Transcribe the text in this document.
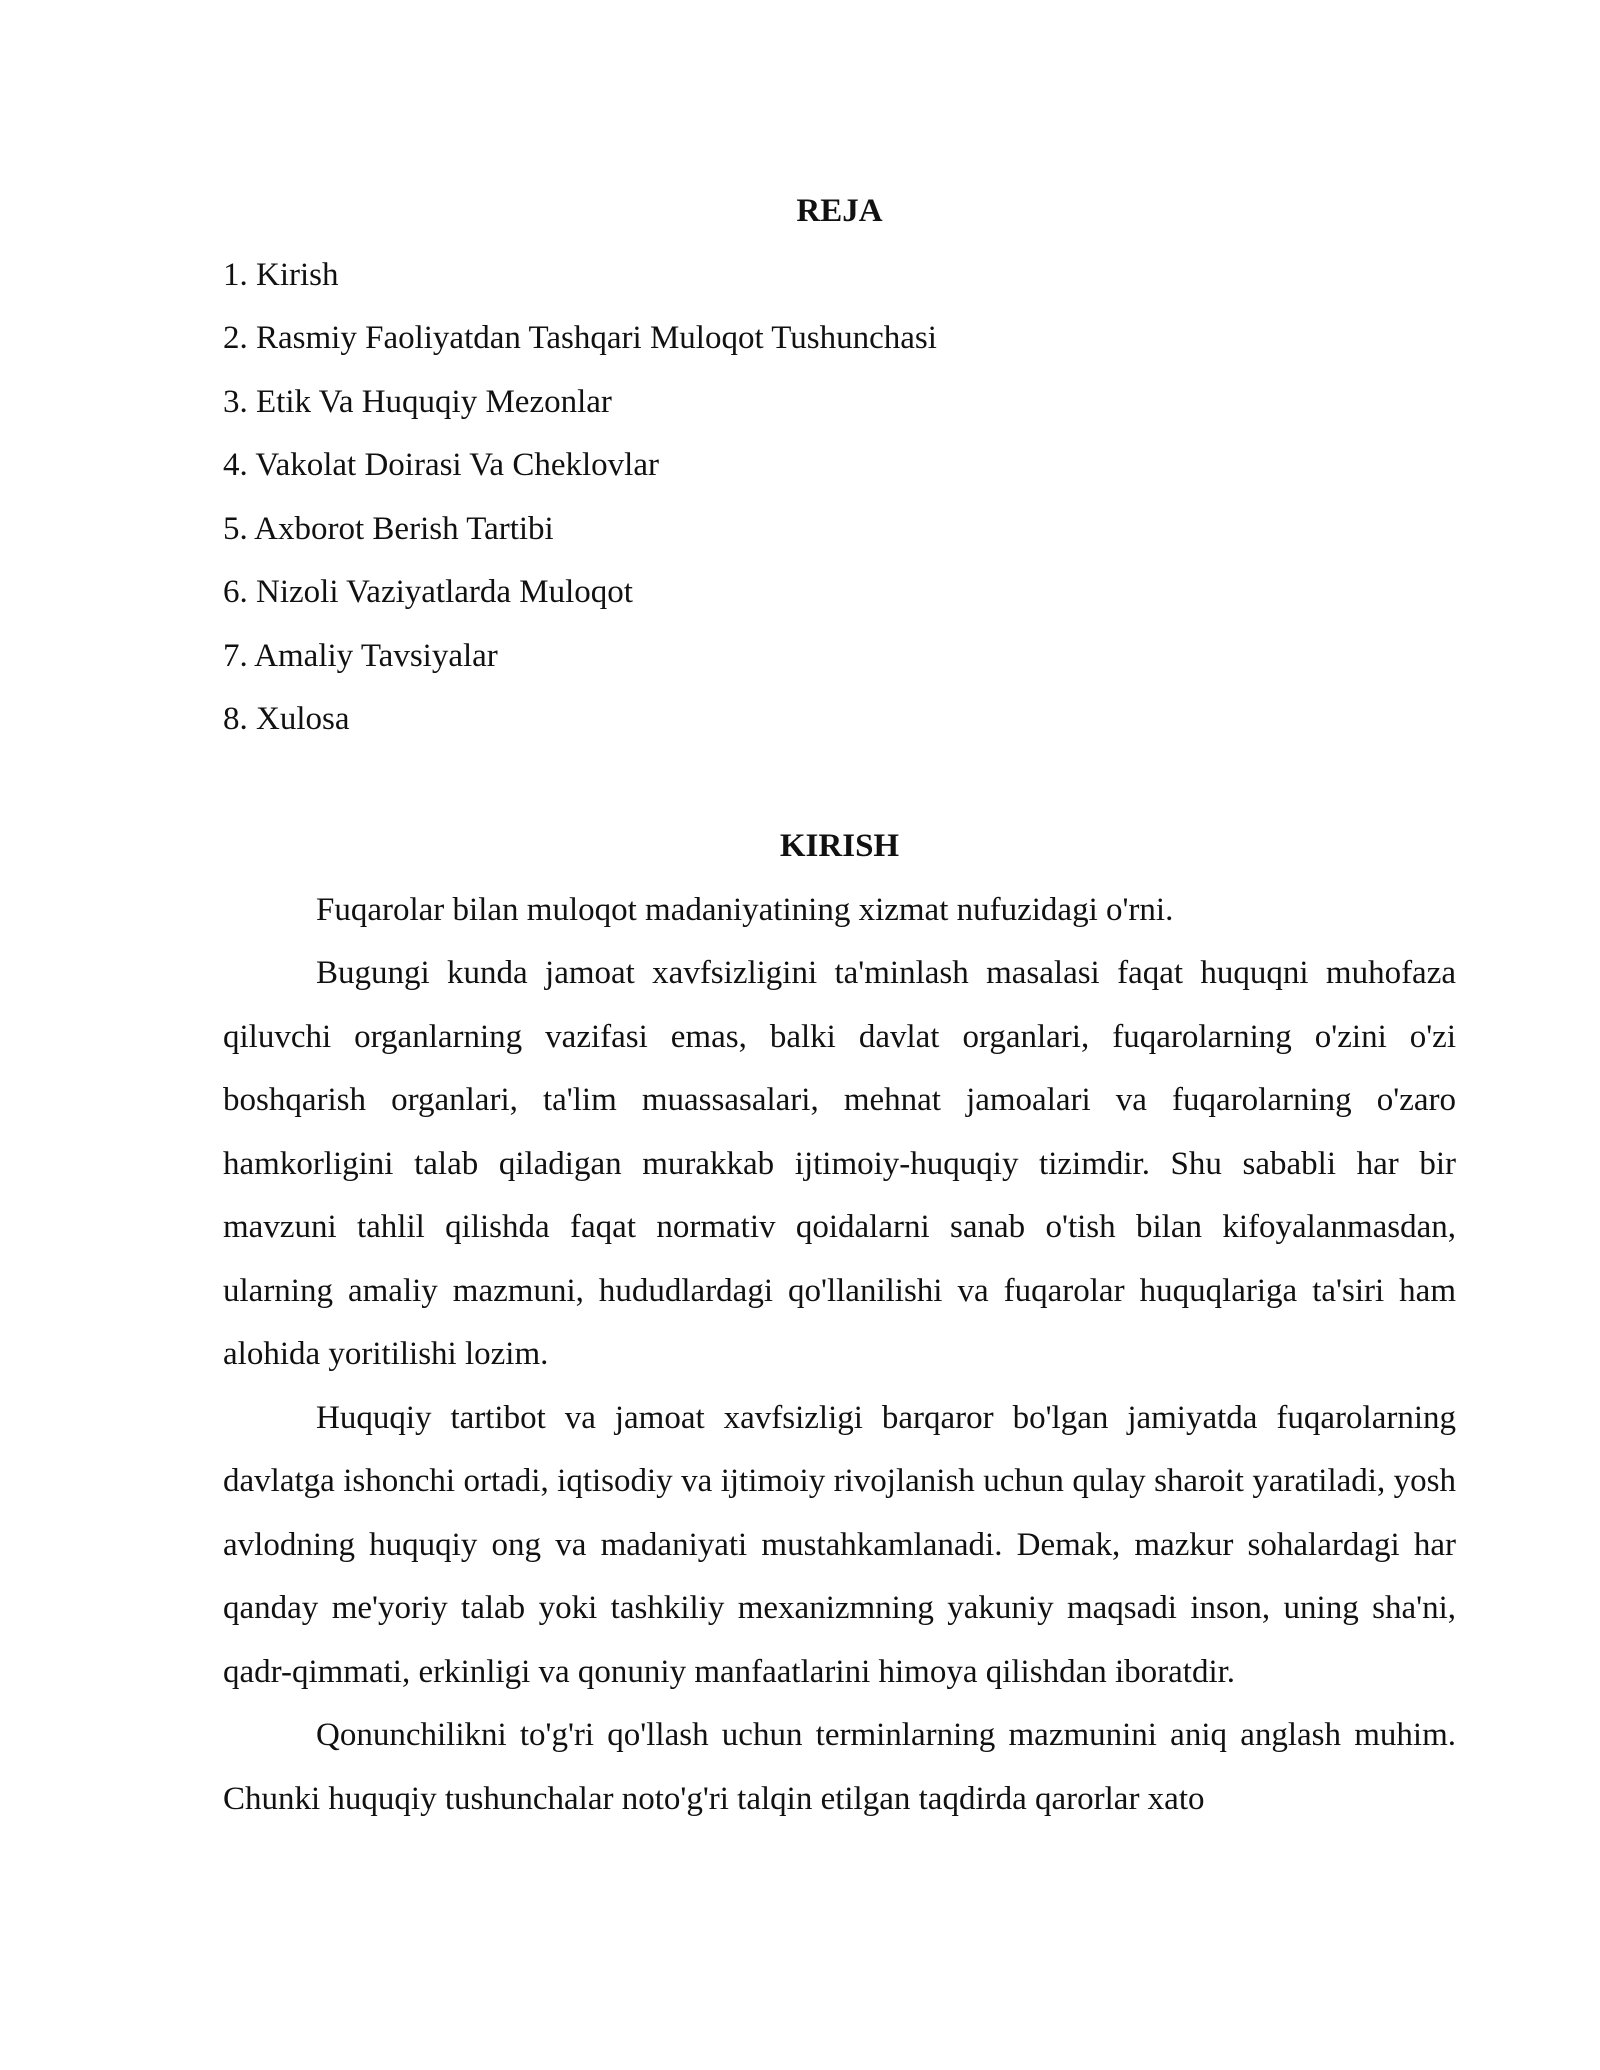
REJA
1. Kirish
2. Rasmiy Faoliyatdan Tashqari Muloqot Tushunchasi
3. Etik Va Huquqiy Mezonlar
4. Vakolat Doirasi Va Cheklovlar
5. Axborot Berish Tartibi
6. Nizoli Vaziyatlarda Muloqot
7. Amaliy Tavsiyalar
8. Xulosa
KIRISH

Fuqarolar bilan muloqot madaniyatining xizmat nufuzidagi o'rni.

Bugungi kunda jamoat xavfsizligini ta'minlash masalasi faqat huquqni muhofaza qiluvchi organlarning vazifasi emas, balki davlat organlari, fuqarolarning o'zini o'zi boshqarish organlari, ta'lim muassasalari, mehnat jamoalari va fuqarolarning o'zaro hamkorligini talab qiladigan murakkab ijtimoiy-huquqiy tizimdir. Shu sababli har bir mavzuni tahlil qilishda faqat normativ qoidalarni sanab o'tish bilan kifoyalanmasdan, ularning amaliy mazmuni, hududlardagi qo'llanilishi va fuqarolar huquqlariga ta'siri ham alohida yoritilishi lozim.

Huquqiy tartibot va jamoat xavfsizligi barqaror bo'lgan jamiyatda fuqarolarning davlatga ishonchi ortadi, iqtisodiy va ijtimoiy rivojlanish uchun qulay sharoit yaratiladi, yosh avlodning huquqiy ong va madaniyati mustahkamlanadi. Demak, mazkur sohalardagi har qanday me'yoriy talab yoki tashkiliy mexanizmning yakuniy maqsadi inson, uning sha'ni, qadr-qimmati, erkinligi va qonuniy manfaatlarini himoya qilishdan iboratdir.

Qonunchilikni to'g'ri qo'llash uchun terminlarning mazmunini aniq anglash muhim. Chunki huquqiy tushunchalar noto'g'ri talqin etilgan taqdirda qarorlar xato
